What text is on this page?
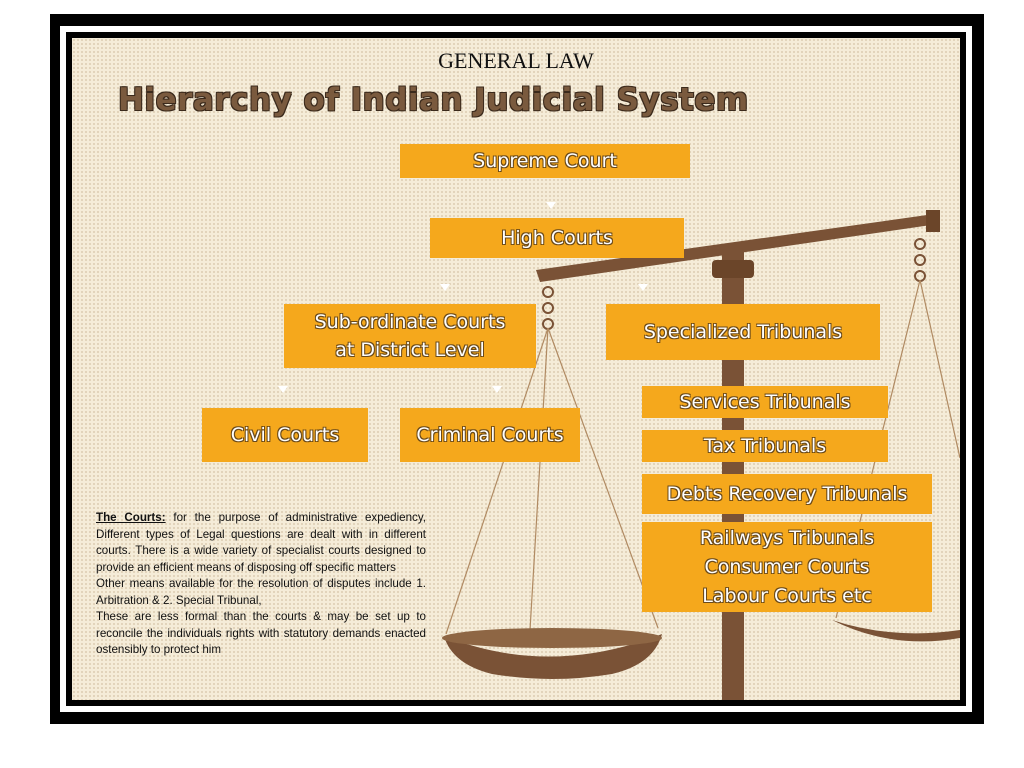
GENERAL LAW
Hierarchy of Indian Judicial System
Supreme Court
High Courts
Sub-ordinate Courts
at District Level
Specialized Tribunals
Civil Courts	Criminal Courts
Services Tribunals
Tax Tribunals
Debts Recovery Tribunals
Railways Tribunals
Consumer Courts
Labour Courts etc

The Courts: for the purpose of administrative expediency, Different types of Legal questions are dealt with in different courts. There is a wide variety of specialist courts designed to provide an efficient means of disposing off specific matters

Other means available for the resolution of disputes include 1. Arbitration & 2. Special Tribunal,

These are less formal than the courts & may be set up to reconcile the individuals rights with statutory demands enacted ostensibly to protect him
